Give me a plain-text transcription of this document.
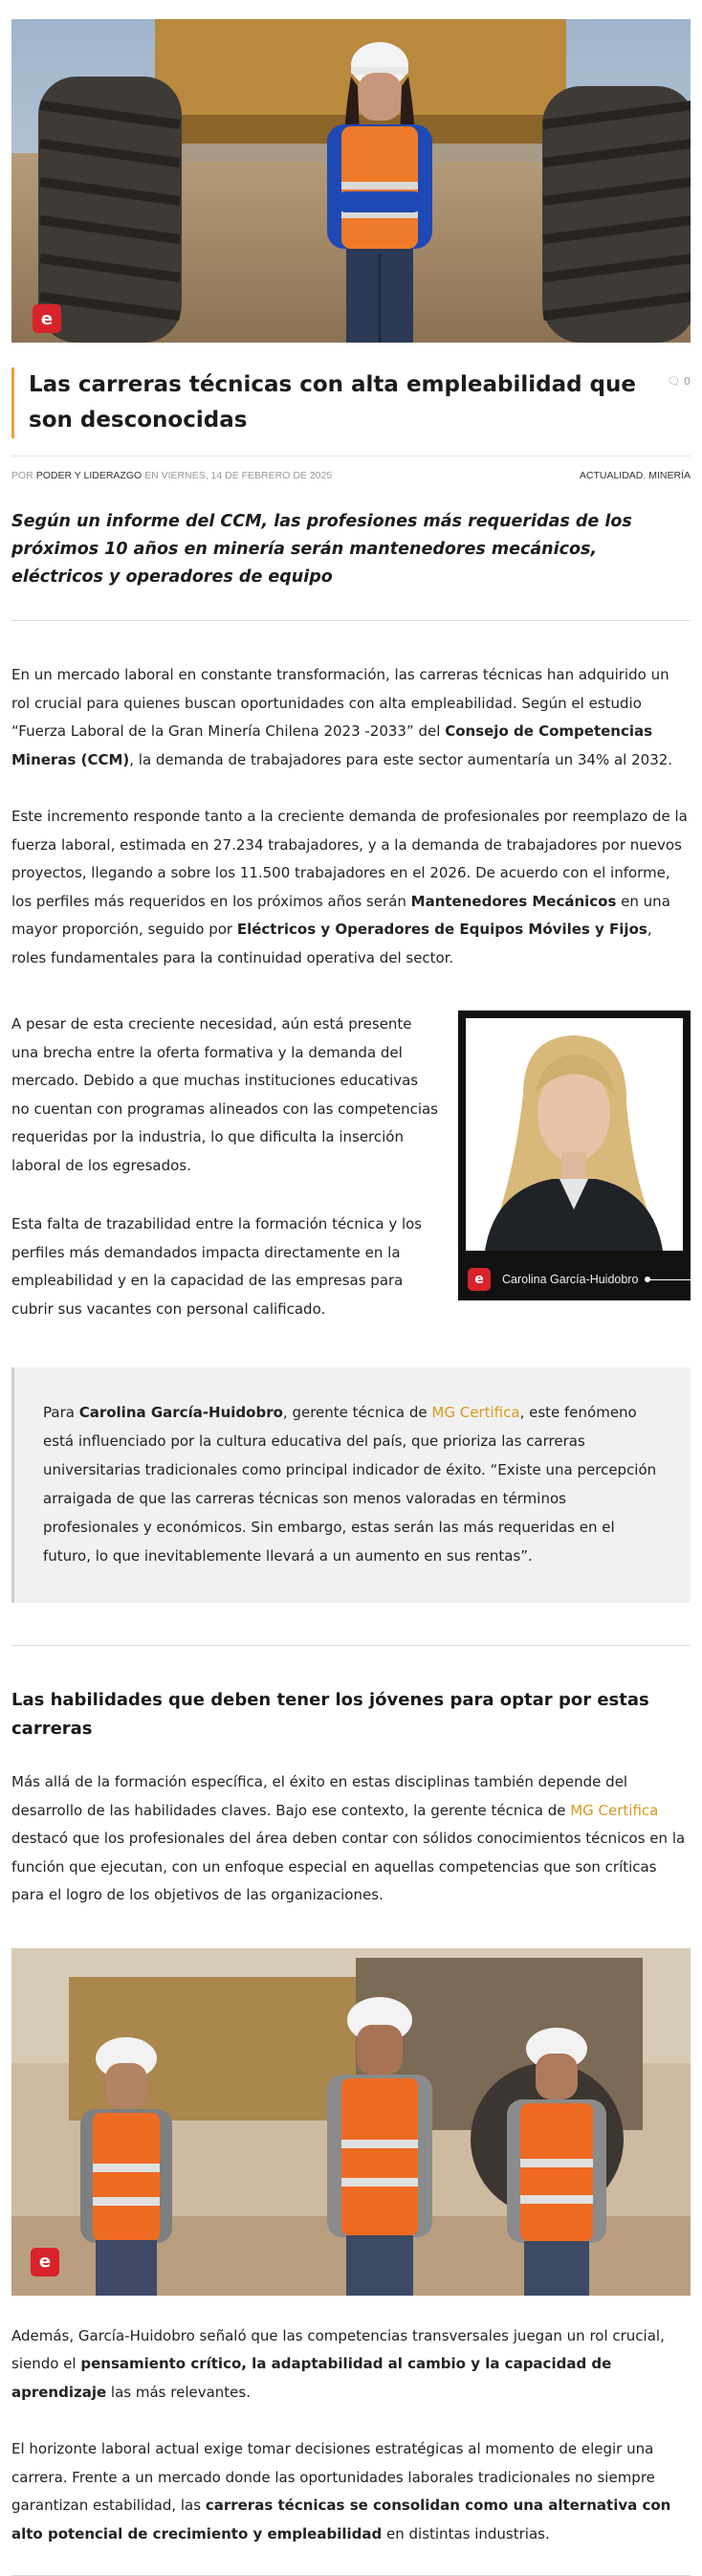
e
Las carreras técnicas con alta empleabilidad que son desconocidas
🗨 0
POR PODER Y LIDERAZGO EN VIERNES, 14 DE FEBRERO DE 2025	ACTUALIDAD, MINERÍA

Según un informe del CCM, las profesiones más requeridas de los próximos 10 años en minería serán mantenedores mecánicos, eléctricos y operadores de equipo

En un mercado laboral en constante transformación, las carreras técnicas han adquirido un rol crucial para quienes buscan oportunidades con alta empleabilidad. Según el estudio “Fuerza Laboral de la Gran Minería Chilena 2023 -2033” del Consejo de Competencias Mineras (CCM), la demanda de trabajadores para este sector aumentaría un 34% al 2032.

Este incremento responde tanto a la creciente demanda de profesionales por reemplazo de la fuerza laboral, estimada en 27.234 trabajadores, y a la demanda de trabajadores por nuevos proyectos, llegando a sobre los 11.500 trabajadores en el 2026. De acuerdo con el informe, los perfiles más requeridos en los próximos años serán Mantenedores Mecánicos en una mayor proporción, seguido por Eléctricos y Operadores de Equipos Móviles y Fijos, roles fundamentales para la continuidad operativa del sector.

A pesar de esta creciente necesidad, aún está presente una brecha entre la oferta formativa y la demanda del mercado. Debido a que muchas instituciones educativas no cuentan con programas alineados con las competencias requeridas por la industria, lo que dificulta la inserción laboral de los egresados.

Esta falta de trazabilidad entre la formación técnica y los perfiles más demandados impacta directamente en la empleabilidad y en la capacidad de las empresas para cubrir sus vacantes con personal calificado.

e Carolina García-Huidobro

Para Carolina García-Huidobro, gerente técnica de MG Certifica, este fenómeno está influenciado por la cultura educativa del país, que prioriza las carreras universitarias tradicionales como principal indicador de éxito. “Existe una percepción arraigada de que las carreras técnicas son menos valoradas en términos profesionales y económicos. Sin embargo, estas serán las más requeridas en el futuro, lo que inevitablemente llevará a un aumento en sus rentas”.

Las habilidades que deben tener los jóvenes para optar por estas carreras

Más allá de la formación específica, el éxito en estas disciplinas también depende del desarrollo de las habilidades claves. Bajo ese contexto, la gerente técnica de MG Certifica destacó que los profesionales del área deben contar con sólidos conocimientos técnicos en la función que ejecutan, con un enfoque especial en aquellas competencias que son críticas para el logro de los objetivos de las organizaciones.

e

Además, García-Huidobro señaló que las competencias transversales juegan un rol crucial, siendo el pensamiento crítico, la adaptabilidad al cambio y la capacidad de aprendizaje las más relevantes.

El horizonte laboral actual exige tomar decisiones estratégicas al momento de elegir una carrera. Frente a un mercado donde las oportunidades laborales tradicionales no siempre garantizan estabilidad, las carreras técnicas se consolidan como una alternativa con alto potencial de crecimiento y empleabilidad en distintas industrias.
